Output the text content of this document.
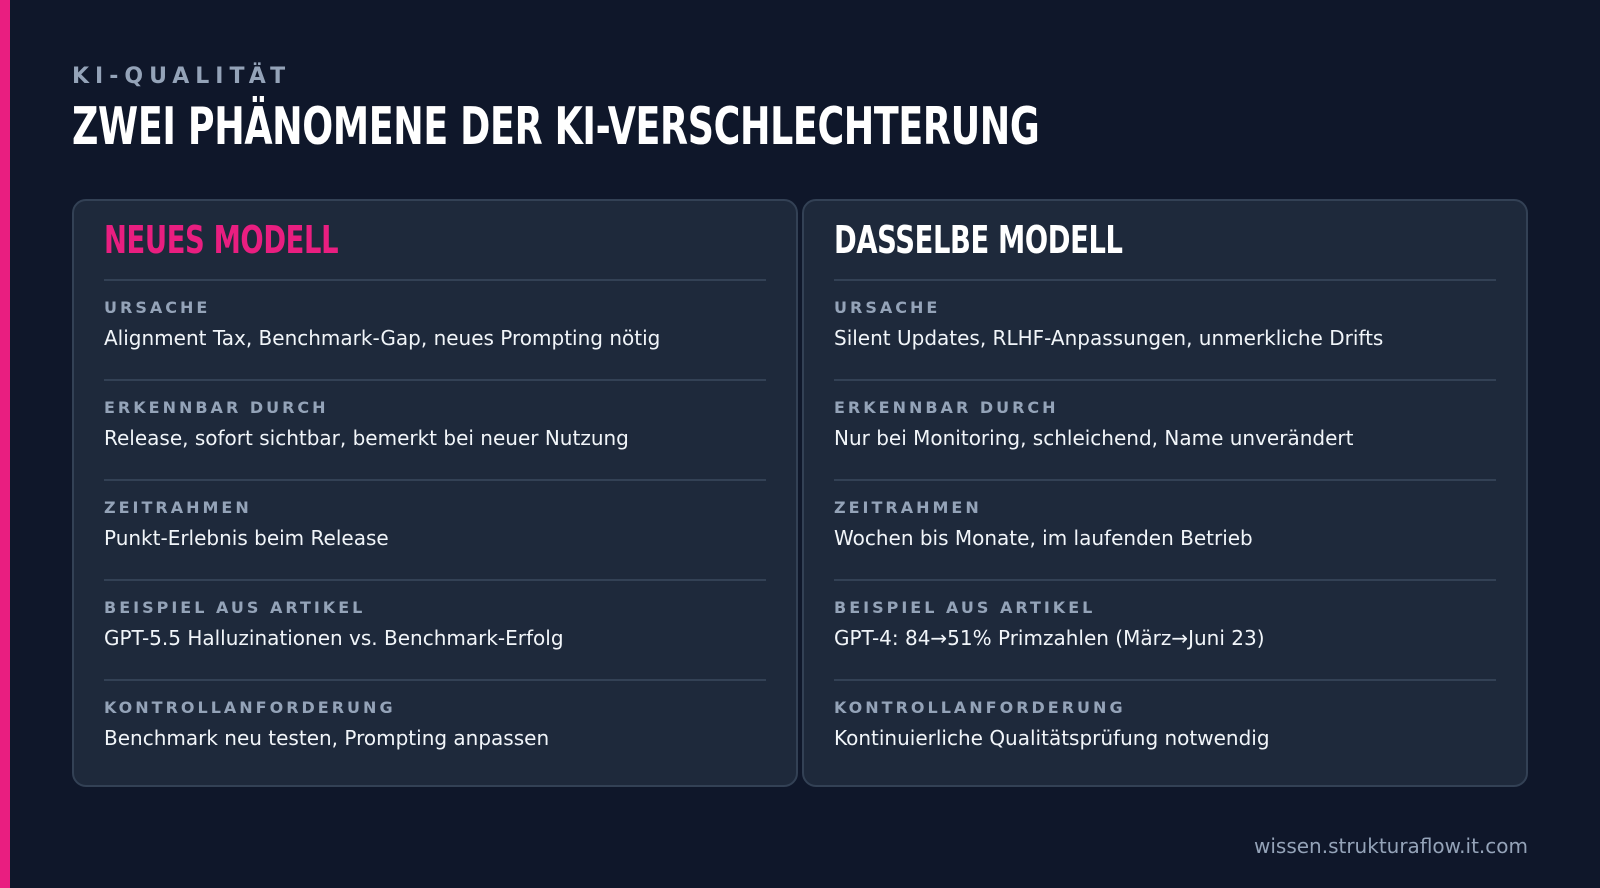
KI-QUALITÄT
ZWEI PHÄNOMENE DER KI-VERSCHLECHTERUNG
NEUES MODELL
URSACHE
Alignment Tax, Benchmark-Gap, neues Prompting nötig
ERKENNBAR DURCH
Release, sofort sichtbar, bemerkt bei neuer Nutzung
ZEITRAHMEN
Punkt-Erlebnis beim Release
BEISPIEL AUS ARTIKEL
GPT-5.5 Halluzinationen vs. Benchmark-Erfolg
KONTROLLANFORDERUNG
Benchmark neu testen, Prompting anpassen
DASSELBE MODELL
URSACHE
Silent Updates, RLHF-Anpassungen, unmerkliche Drifts
ERKENNBAR DURCH
Nur bei Monitoring, schleichend, Name unverändert
ZEITRAHMEN
Wochen bis Monate, im laufenden Betrieb
BEISPIEL AUS ARTIKEL
GPT-4: 84→51% Primzahlen (März→Juni 23)
KONTROLLANFORDERUNG
Kontinuierliche Qualitätsprüfung notwendig
wissen.strukturaflow.it.com
